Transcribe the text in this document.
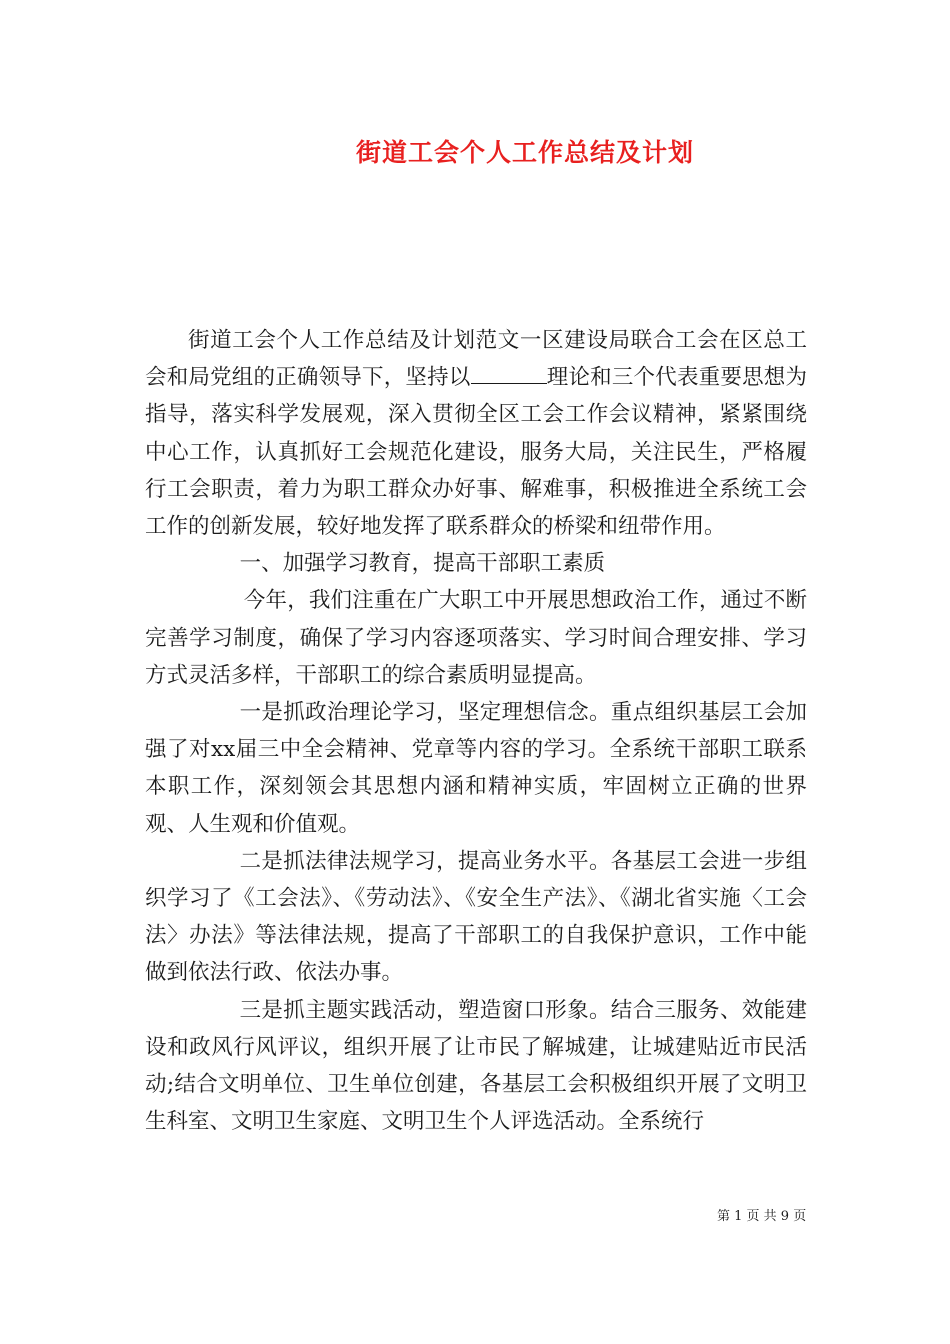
街道工会个人工作总结及计划

街道工会个人工作总结及计划范文一区建设局联合工会在区总工会和局党组的正确领导下，坚持以	理论和三个代表重要思想为指导，落实科学发展观，深入贯彻全区工会工作会议精神，紧紧围绕中心工作，认真抓好工会规范化建设，服务大局，关注民生，严格履行工会职责，着力为职工群众办好事、解难事，积极推进全系统工会工作的创新发展，较好地发挥了联系群众的桥梁和纽带作用。

一、加强学习教育，提高干部职工素质

今年，我们注重在广大职工中开展思想政治工作，通过不断完善学习制度，确保了学习内容逐项落实、学习时间合理安排、学习方式灵活多样，干部职工的综合素质明显提高。

一是抓政治理论学习，坚定理想信念。重点组织基层工会加强了对xx届三中全会精神、党章等内容的学习。全系统干部职工联系本职工作，深刻领会其思想内涵和精神实质，牢固树立正确的世界观、人生观和价值观。

二是抓法律法规学习，提高业务水平。各基层工会进一步组织学习了《工会法》、《劳动法》、《安全生产法》、《湖北省实施〈工会法〉办法》等法律法规，提高了干部职工的自我保护意识，工作中能做到依法行政、依法办事。

三是抓主题实践活动，塑造窗口形象。结合三服务、效能建设和政风行风评议，组织开展了让市民了解城建，让城建贴近市民活动;结合文明单位、卫生单位创建，各基层工会积极组织开展了文明卫生科室、文明卫生家庭、文明卫生个人评选活动。全系统行

第 1 页 共 9 页
